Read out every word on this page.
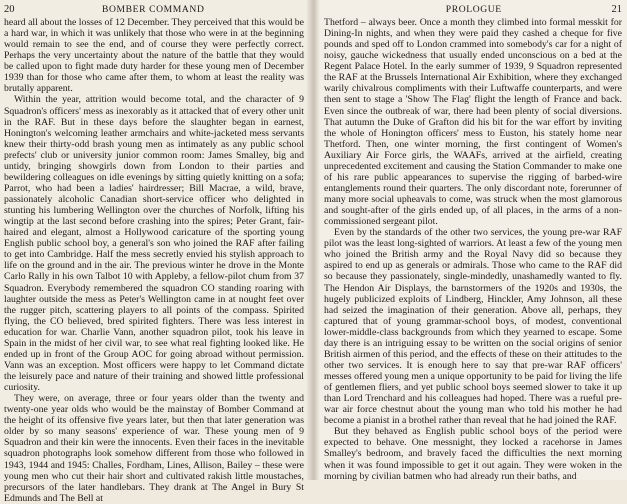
20	BOMBER COMMAND

heard all about the losses of 12 December. They perceived that this would be a hard war, in which it was unlikely that those who were in at the beginning would remain to see the end, and of course they were perfectly correct. Perhaps the very uncertainty about the nature of the battle that they would be called upon to fight made duty harder for these young men of December 1939 than for those who came after them, to whom at least the reality was brutally apparent.

Within the year, attrition would become total, and the character of 9 Squadron's officers' mess as inexorably as it attacked that of every other unit in the RAF. But in these days before the slaughter began in earnest, Honington's welcoming leather armchairs and white-jacketed mess servants knew their thirty-odd brash young men as intimately as any public school prefects' club or university junior common room: James Smalley, big and untidy, bringing showgirls down from London to their parties and bewildering colleagues on idle evenings by sitting quietly knitting on a sofa; Parrot, who had been a ladies' hairdresser; Bill Macrae, a wild, brave, passionately alcoholic Canadian short-service officer who delighted in stunting his lumbering Wellington over the churches of Norfolk, lifting his wingtip at the last second before crashing into the spires; Peter Grant, fair-haired and elegant, almost a Hollywood caricature of the sporting young English public school boy, a general's son who joined the RAF after failing to get into Cambridge. Half the mess secretly envied his stylish approach to life on the ground and in the air. The previous winter he drove in the Monte Carlo Rally in his own Talbot 10 with Appleby, a fellow-pilot chum from 37 Squadron. Everybody remembered the squadron CO standing roaring with laughter outside the mess as Peter's Wellington came in at nought feet over the rugger pitch, scattering players to all points of the compass. Spirited flying, the CO believed, bred spirited fighters. There was less interest in education for war. Charlie Vann, another squadron pilot, took his leave in Spain in the midst of her civil war, to see what real fighting looked like. He ended up in front of the Group AOC for going abroad without permission. Vann was an exception. Most officers were happy to let Command dictate the leisurely pace and nature of their training and showed little professional curiosity.

They were, on average, three or four years older than the twenty and twenty-one year olds who would be the mainstay of Bomber Command at the height of its offensive five years later, but then that later generation was older by so many seasons' experience of war. These young men of 9 Squadron and their kin were the innocents. Even their faces in the inevitable squadron photographs look somehow different from those who followed in 1943, 1944 and 1945: Challes, Fordham, Lines, Allison, Bailey – these were young men who cut their hair short and cultivated rakish little moustaches, precursors of the later handlebars. They drank at The Angel in Bury St Edmunds and The Bell at

PROLOGUE	21

Thetford – always beer. Once a month they climbed into formal messkit for Dining-In nights, and when they were paid they cashed a cheque for five pounds and sped off to London crammed into somebody's car for a night of noisy, gauche wickedness that usually ended unconscious on a bed at the Regent Palace Hotel. In the early summer of 1939, 9 Squadron represented the RAF at the Brussels International Air Exhibition, where they exchanged warily chivalrous compliments with their Luftwaffe counterparts, and were then sent to stage a 'Show The Flag' flight the length of France and back. Even since the outbreak of war, there had been plenty of social diversions. That autumn the Duke of Grafton did his bit for the war effort by inviting the whole of Honington officers' mess to Euston, his stately home near Thetford. Then, one winter morning, the first contingent of Women's Auxiliary Air Force girls, the WAAFs, arrived at the airfield, creating unprecedented excitement and causing the Station Commander to make one of his rare public appearances to supervise the rigging of barbed-wire entanglements round their quarters. The only discordant note, forerunner of many more social upheavals to come, was struck when the most glamorous and sought-after of the girls ended up, of all places, in the arms of a non-commissioned sergeant pilot.

Even by the standards of the other two services, the young pre-war RAF pilot was the least long-sighted of warriors. At least a few of the young men who joined the British army and the Royal Navy did so because they aspired to end up as generals or admirals. Those who came to the RAF did so because they passionately, single-mindedly, unashamedly wanted to fly. The Hendon Air Displays, the barnstormers of the 1920s and 1930s, the hugely publicized exploits of Lindberg, Hinckler, Amy Johnson, all these had seized the imagination of their generation. Above all, perhaps, they captured that of young grammar-school boys, of modest, conventional lower-middle-class backgrounds from which they yearned to escape. Some day there is an intriguing essay to be written on the social origins of senior British airmen of this period, and the effects of these on their attitudes to the other two services. It is enough here to say that pre-war RAF officers' messes offered young men a unique opportunity to be paid for living the life of gentlemen fliers, and yet public school boys seemed slower to take it up than Lord Trenchard and his colleagues had hoped. There was a rueful pre-war air force chestnut about the young man who told his mother he had become a pianist in a brothel rather than reveal that he had joined the RAF.

But they behaved as English public school boys of the period were expected to behave. One messnight, they locked a racehorse in James Smalley's bedroom, and bravely faced the difficulties the next morning when it was found impossible to get it out again. They were woken in the morning by civilian batmen who had already run their baths, and
